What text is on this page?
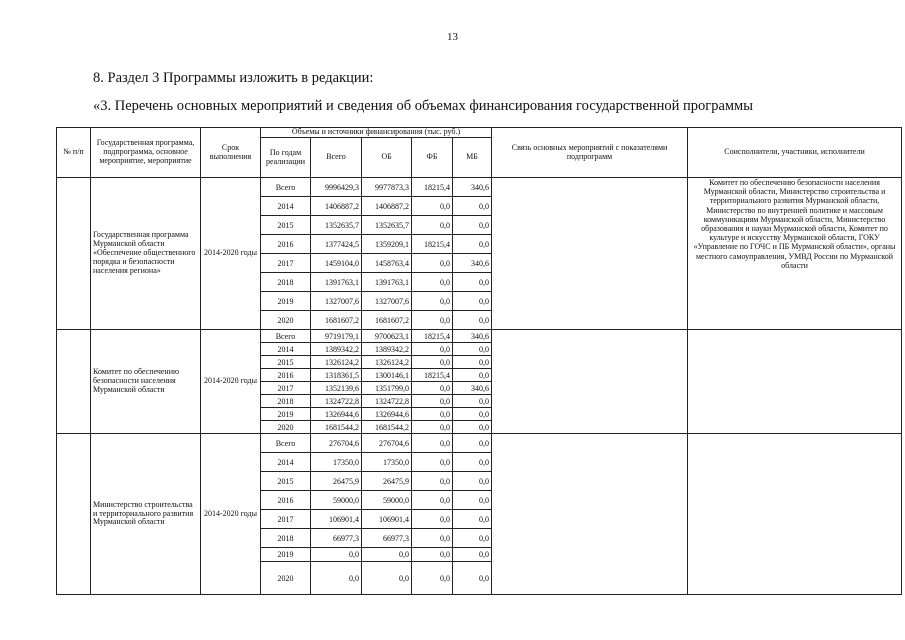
13
8. Раздел 3 Программы изложить в редакции:
«3. Перечень основных мероприятий и сведения об объемах финансирования государственной программы
№ п/п	Государственная программа, подпрограмма, основное мероприятие, мероприятие	Срок выполнения	Объемы и источники финансирования (тыс. руб.)					Связь основных мероприятий с показателями подпрограмм	Соисполнители, участники, исполнители
			По годам реализации	Всего	ОБ	ФБ	МБ		
	Государственная программа Мурманской области «Обеспечение общественного порядка и безопасности населения региона»	2014-2020 годы	Всего	9996429,3	9977873,3	18215,4	340,6		Комитет по обеспечению безопасности населения Мурманской области, Министерство строительства и территориального развития Мурманской области, Министерство по внутренней политике и массовым коммуникациям Мурманской области, Министерство образования и науки Мурманской области, Комитет по культуре и искусству Мурманской области, ГОКУ «Управление по ГОЧС и ПБ Мурманской области», органы местного самоуправления, УМВД России по Мурманской области
			2014	1406887,2	1406887,2	0,0	0,0		
			2015	1352635,7	1352635,7	0,0	0,0		
			2016	1377424,5	1359209,1	18215,4	0,0		
			2017	1459104,0	1458763,4	0,0	340,6		
			2018	1391763,1	1391763,1	0,0	0,0		
			2019	1327007,6	1327007,6	0,0	0,0		
			2020	1681607,2	1681607,2	0,0	0,0		
	Комитет по обеспечению безопасности населения Мурманской области	2014-2020 годы	Всего	9719179,1	9700623,1	18215,4	340,6		
			2014	1389342,2	1389342,2	0,0	0,0		
			2015	1326124,2	1326124,2	0,0	0,0		
			2016	1318361,5	1300146,1	18215,4	0,0		
			2017	1352139,6	1351799,0	0,0	340,6		
			2018	1324722,8	1324722,8	0,0	0,0		
			2019	1326944,6	1326944,6	0,0	0,0		
			2020	1681544,2	1681544,2	0,0	0,0		
	Министерство строительства и территориального развития Мурманской области	2014-2020 годы	Всего	276704,6	276704,6	0,0	0,0		
			2014	17350,0	17350,0	0,0	0,0		
			2015	26475,9	26475,9	0,0	0,0		
			2016	59000,0	59000,0	0,0	0,0		
			2017	106901,4	106901,4	0,0	0,0		
			2018	66977,3	66977,3	0,0	0,0		
			2019	0,0	0,0	0,0	0,0		
			2020	0,0	0,0	0,0	0,0		
